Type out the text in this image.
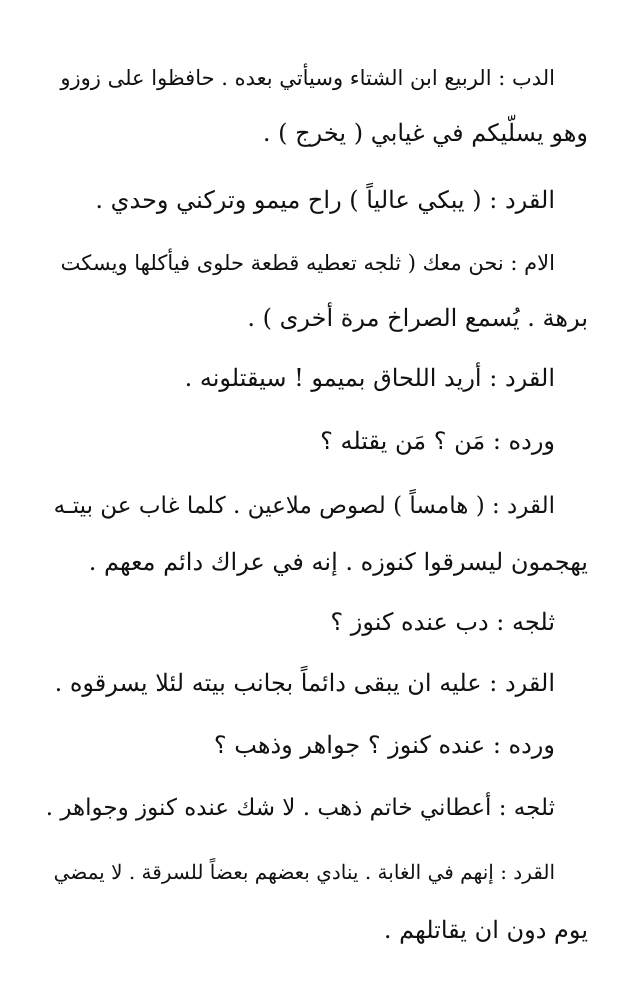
الدب : الربيع ابن الشتاء وسيأتي بعده . حافظوا على زوزو
وهو يسلّيكم في غيابي ( يخرج ) .
القرد : ( يبكي عالياً ) راح ميمو وتركني وحدي .
الام : نحن معك ( ثلجه تعطيه قطعة حلوى فيأكلها ويسكت
برهة . يُسمع الصراخ مرة أخرى ) .
القرد : أريد اللحاق بميمو ! سيقتلونه .
ورده : مَن ؟ مَن يقتله ؟
القرد : ( هامساً ) لصوص ملاعين . كلما غاب عن بيتـه
يهجمون ليسرقوا كنوزه . إنه في عراك دائم معهم .
ثلجه : دب عنده كنوز ؟
القرد : عليه ان يبقى دائماً بجانب بيته لئلا يسرقوه .
ورده : عنده كنوز ؟ جواهر وذهب ؟
ثلجه : أعطاني خاتم ذهب . لا شك عنده كنوز وجواهر .
القرد : إنهم في الغابة . ينادي بعضهم بعضاً للسرقة . لا يمضي
يوم دون ان يقاتلهم .
